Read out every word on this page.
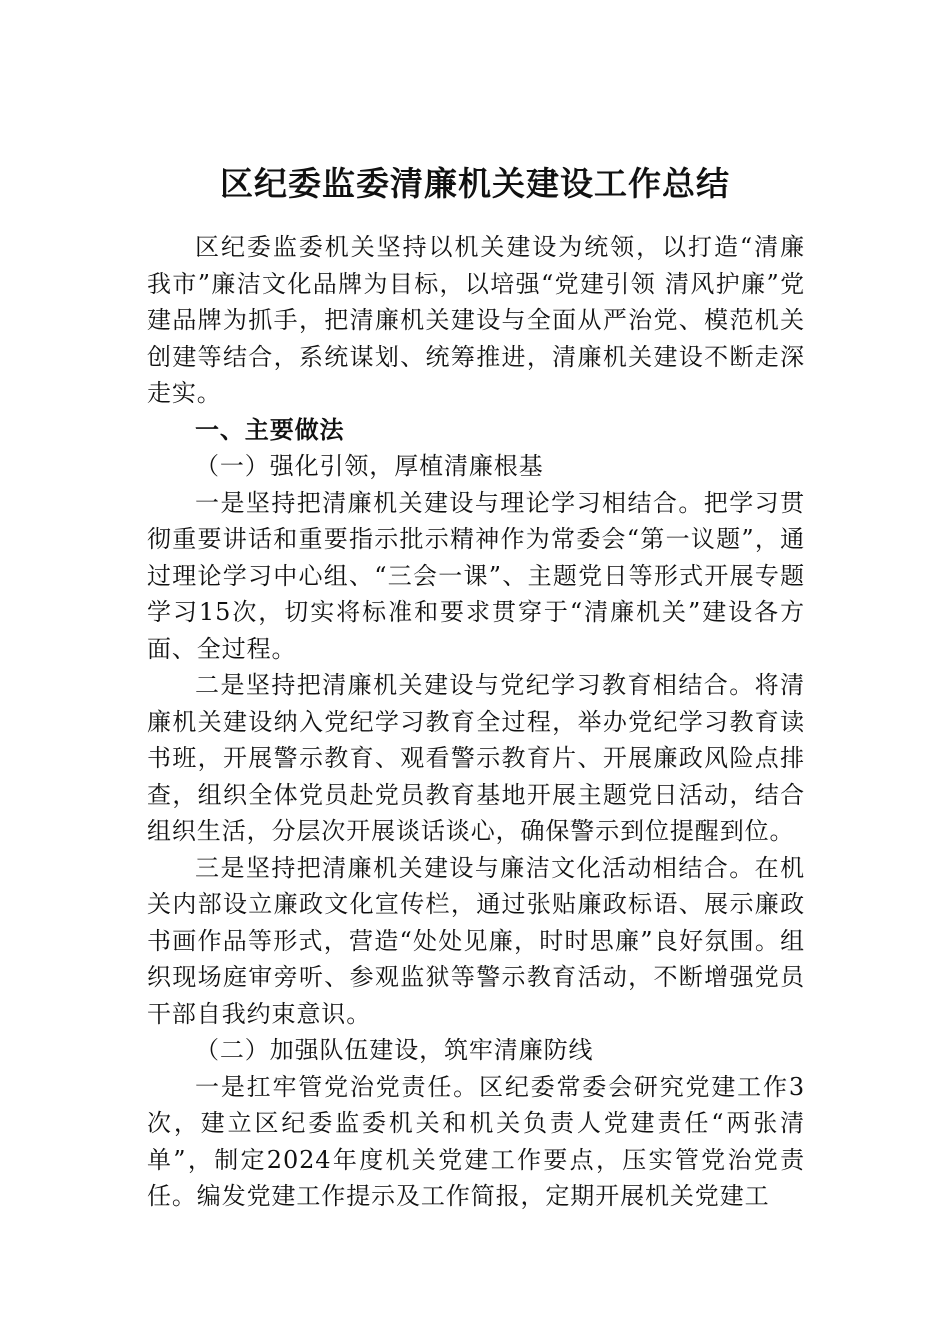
区纪委监委清廉机关建设工作总结

区纪委监委机关坚持以机关建设为统领，以打造“清廉我市”廉洁文化品牌为目标，以培强“党建引领 清风护廉”党建品牌为抓手，把清廉机关建设与全面从严治党、模范机关创建等结合，系统谋划、统筹推进，清廉机关建设不断走深走实。

一、主要做法

（一）强化引领，厚植清廉根基

一是坚持把清廉机关建设与理论学习相结合。把学习贯彻重要讲话和重要指示批示精神作为常委会“第一议题”，通过理论学习中心组、“三会一课”、主题党日等形式开展专题学习15次，切实将标准和要求贯穿于“清廉机关”建设各方面、全过程。

二是坚持把清廉机关建设与党纪学习教育相结合。将清廉机关建设纳入党纪学习教育全过程，举办党纪学习教育读书班，开展警示教育、观看警示教育片、开展廉政风险点排查，组织全体党员赴党员教育基地开展主题党日活动，结合组织生活，分层次开展谈话谈心，确保警示到位提醒到位。

三是坚持把清廉机关建设与廉洁文化活动相结合。在机关内部设立廉政文化宣传栏，通过张贴廉政标语、展示廉政书画作品等形式，营造“处处见廉，时时思廉”良好氛围。组织现场庭审旁听、参观监狱等警示教育活动，不断增强党员干部自我约束意识。

（二）加强队伍建设，筑牢清廉防线

一是扛牢管党治党责任。区纪委常委会研究党建工作3次，建立区纪委监委机关和机关负责人党建责任“两张清单”，制定2024年度机关党建工作要点，压实管党治党责任。编发党建工作提示及工作简报，定期开展机关党建工
